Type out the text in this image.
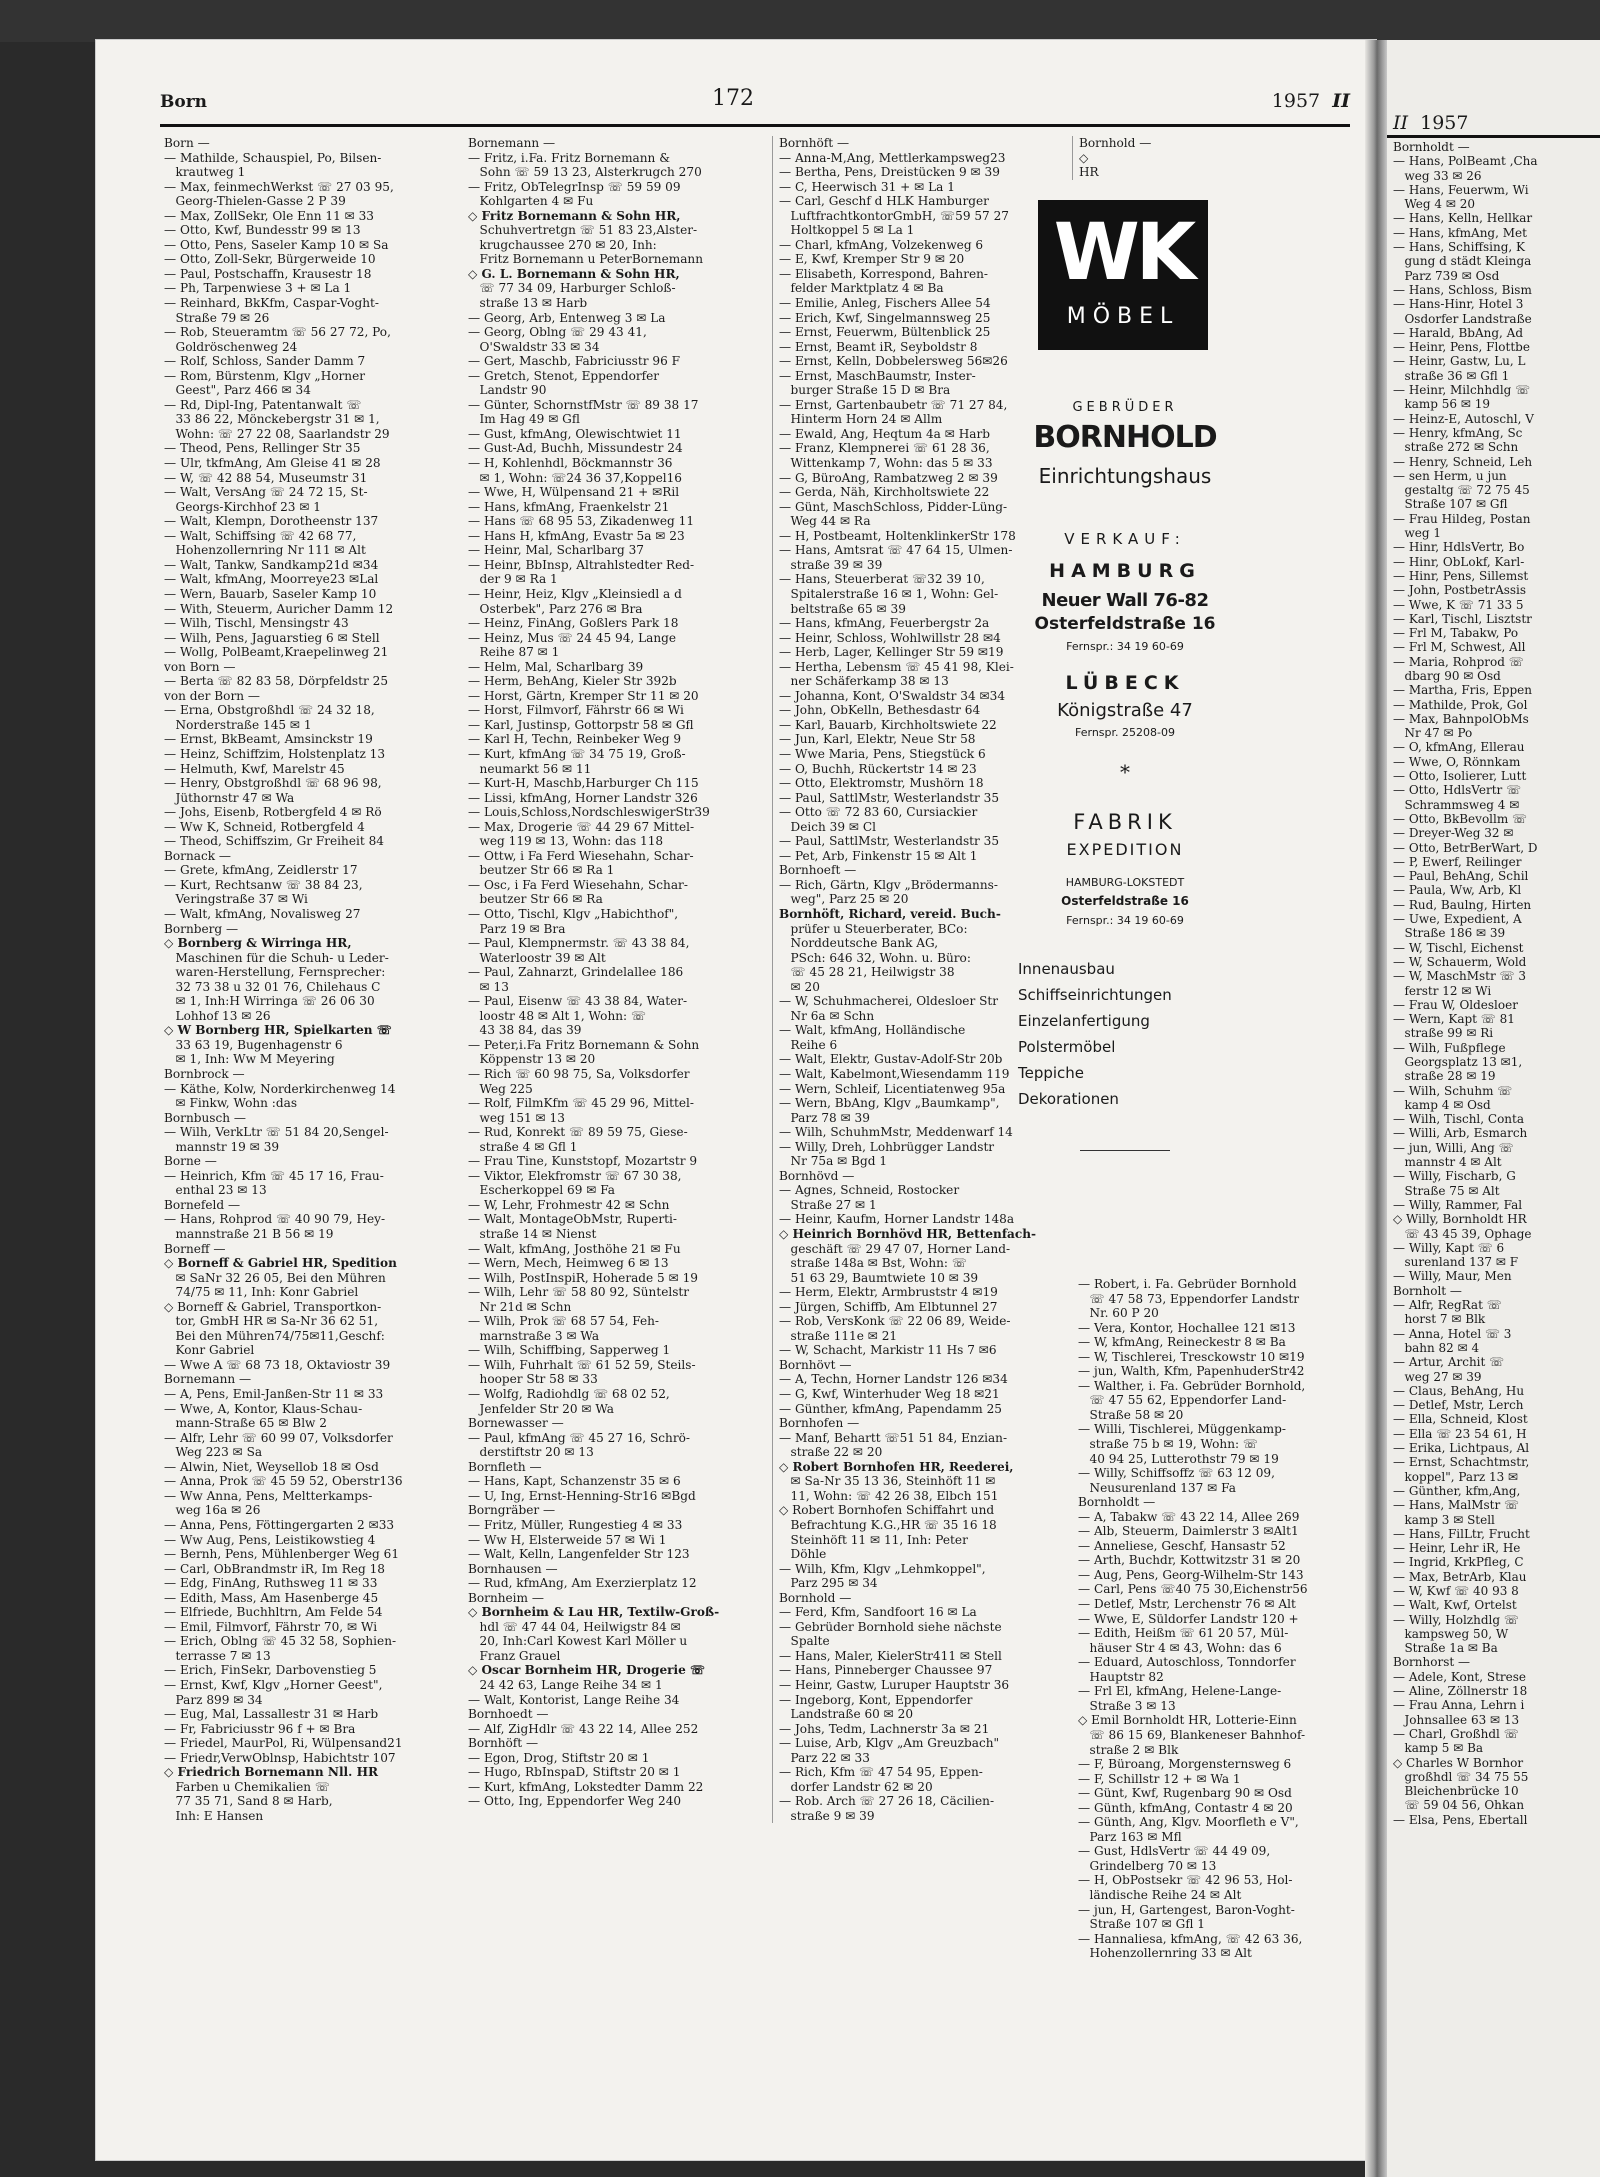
Born	172	1957 II
Born —
— Mathilde, Schauspiel, Po, Bilsen-
krautweg 1
— Max, feinmechWerkst ☏ 27 03 95,
Georg-Thielen-Gasse 2 P 39
— Max, ZollSekr, Ole Enn 11 ✉ 33
— Otto, Kwf, Bundesstr 99 ✉ 13
— Otto, Pens, Saseler Kamp 10 ✉ Sa
— Otto, Zoll-Sekr, Bürgerweide 10
— Paul, Postschaffn, Krausestr 18
— Ph, Tarpenwiese 3 + ✉ La 1
— Reinhard, BkKfm, Caspar-Voght-
Straße 79 ✉ 26
— Rob, Steueramtm ☏ 56 27 72, Po,
Goldröschenweg 24
— Rolf, Schloss, Sander Damm 7
— Rom, Bürstenm, Klgv „Horner
Geest", Parz 466 ✉ 34
— Rd, Dipl-Ing, Patentanwalt ☏
33 86 22, Mönckebergstr 31 ✉ 1,
Wohn: ☏ 27 22 08, Saarlandstr 29
— Theod, Pens, Rellinger Str 35
— Ulr, tkfmAng, Am Gleise 41 ✉ 28
— W, ☏ 42 88 54, Museumstr 31
— Walt, VersAng ☏ 24 72 15, St-
Georgs-Kirchhof 23 ✉ 1
— Walt, Klempn, Dorotheenstr 137
— Walt, Schiffsing ☏ 42 68 77,
Hohenzollernring Nr 111 ✉ Alt
— Walt, Tankw, Sandkamp21d ✉34
— Walt, kfmAng, Moorreye23 ✉Lal
— Wern, Bauarb, Saseler Kamp 10
— With, Steuerm, Auricher Damm 12
— Wilh, Tischl, Mensingstr 43
— Wilh, Pens, Jaguarstieg 6 ✉ Stell
— Wollg, PolBeamt,Kraepelinweg 21
von Born —
— Berta ☏ 82 83 58, Dörpfeldstr 25
von der Born —
— Erna, Obstgroßhdl ☏ 24 32 18,
Norderstraße 145 ✉ 1
— Ernst, BkBeamt, Amsinckstr 19
— Heinz, Schiffzim, Holstenplatz 13
— Helmuth, Kwf, Marelstr 45
— Henry, Obstgroßhdl ☏ 68 96 98,
Jüthornstr 47 ✉ Wa
— Johs, Eisenb, Rotbergfeld 4 ✉ Rö
— Ww K, Schneid, Rotbergfeld 4
— Theod, Schiffszim, Gr Freiheit 84
Bornack —
— Grete, kfmAng, Zeidlerstr 17
— Kurt, Rechtsanw ☏ 38 84 23,
Veringstraße 37 ✉ Wi
— Walt, kfmAng, Novalisweg 27
Bornberg —
◇ Bornberg & Wirringa HR,
Maschinen für die Schuh- u Leder-
waren-Herstellung, Fernsprecher:
32 73 38 u 32 01 76, Chilehaus C
✉ 1, Inh:H Wirringa ☏ 26 06 30
Lohhof 13 ✉ 26
◇ W Bornberg HR, Spielkarten ☏
33 63 19, Bugenhagenstr 6
✉ 1, Inh: Ww M Meyering
Bornbrock —
— Käthe, Kolw, Norderkirchenweg 14
✉ Finkw, Wohn :das
Bornbusch —
— Wilh, VerkLtr ☏ 51 84 20,Sengel-
mannstr 19 ✉ 39
Borne —
— Heinrich, Kfm ☏ 45 17 16, Frau-
enthal 23 ✉ 13
Bornefeld —
— Hans, Rohprod ☏ 40 90 79, Hey-
mannstraße 21 B 56 ✉ 19
Borneff —
◇ Borneff & Gabriel HR, Spedition
✉ SaNr 32 26 05, Bei den Mühren
74/75 ✉ 11, Inh: Konr Gabriel
◇ Borneff & Gabriel, Transportkon-
tor, GmbH HR ✉ Sa-Nr 36 62 51,
Bei den Mühren74/75✉11,Geschf:
Konr Gabriel
— Wwe A ☏ 68 73 18, Oktaviostr 39
Bornemann —
— A, Pens, Emil-Janßen-Str 11 ✉ 33
— Wwe, A, Kontor, Klaus-Schau-
mann-Straße 65 ✉ Blw 2
— Alfr, Lehr ☏ 60 99 07, Volksdorfer
Weg 223 ✉ Sa
— Alwin, Niet, Weysellob 18 ✉ Osd
— Anna, Prok ☏ 45 59 52, Oberstr136
— Ww Anna, Pens, Meltterkamps-
weg 16a ✉ 26
— Anna, Pens, Föttingergarten 2 ✉33
— Ww Aug, Pens, Leistikowstieg 4
— Bernh, Pens, Mühlenberger Weg 61
— Carl, ObBrandmstr iR, Im Reg 18
— Edg, FinAng, Ruthsweg 11 ✉ 33
— Edith, Mass, Am Hasenberge 45
— Elfriede, Buchhltrn, Am Felde 54
— Emil, Filmvorf, Fährstr 70, ✉ Wi
— Erich, Oblng ☏ 45 32 58, Sophien-
terrasse 7 ✉ 13
— Erich, FinSekr, Darbovenstieg 5
— Ernst, Kwf, Klgv „Horner Geest",
Parz 899 ✉ 34
— Eug, Mal, Lassallestr 31 ✉ Harb
— Fr, Fabriciusstr 96 f + ✉ Bra
— Friedel, MaurPol, Ri, Wülpensand21
— Friedr,VerwOblnsp, Habichtstr 107
◇ Friedrich Bornemann Nll. HR
Farben u Chemikalien ☏
77 35 71, Sand 8 ✉ Harb,
Inh: E Hansen
Bornemann —
— Fritz, i.Fa. Fritz Bornemann &
Sohn ☏ 59 13 23, Alsterkrugch 270
— Fritz, ObTelegrInsp ☏ 59 59 09
Kohlgarten 4 ✉ Fu
◇ Fritz Bornemann & Sohn HR,
Schuhvertretgn ☏ 51 83 23,Alster-
krugchaussee 270 ✉ 20, Inh:
Fritz Bornemann u PeterBornemann
◇ G. L. Bornemann & Sohn HR,
☏ 77 34 09, Harburger Schloß-
straße 13 ✉ Harb
— Georg, Arb, Entenweg 3 ✉ La
— Georg, Oblng ☏ 29 43 41,
O'Swaldstr 33 ✉ 34
— Gert, Maschb, Fabriciusstr 96 F
— Gretch, Stenot, Eppendorfer
Landstr 90
— Günter, SchornstfMstr ☏ 89 38 17
Im Hag 49 ✉ Gfl
— Gust, kfmAng, Olewischtwiet 11
— Gust-Ad, Buchh, Missundestr 24
— H, Kohlenhdl, Böckmannstr 36
✉ 1, Wohn: ☏24 36 37,Koppel16
— Wwe, H, Wülpensand 21 + ✉Ril
— Hans, kfmAng, Fraenkelstr 21
— Hans ☏ 68 95 53, Zikadenweg 11
— Hans H, kfmAng, Evastr 5a ✉ 23
— Heinr, Mal, Scharlbarg 37
— Heinr, BbInsp, Altrahlstedter Red-
der 9 ✉ Ra 1
— Heinr, Heiz, Klgv „Kleinsiedl a d
Osterbek", Parz 276 ✉ Bra
— Heinz, FinAng, Goßlers Park 18
— Heinz, Mus ☏ 24 45 94, Lange
Reihe 87 ✉ 1
— Helm, Mal, Scharlbarg 39
— Herm, BehAng, Kieler Str 392b
— Horst, Gärtn, Kremper Str 11 ✉ 20
— Horst, Filmvorf, Fährstr 66 ✉ Wi
— Karl, Justinsp, Gottorpstr 58 ✉ Gfl
— Karl H, Techn, Reinbeker Weg 9
— Kurt, kfmAng ☏ 34 75 19, Groß-
neumarkt 56 ✉ 11
— Kurt-H, Maschb,Harburger Ch 115
— Lissi, kfmAng, Horner Landstr 326
— Louis,Schloss,NordschleswigerStr39
— Max, Drogerie ☏ 44 29 67 Mittel-
weg 119 ✉ 13, Wohn: das 118
— Ottw, i Fa Ferd Wiesehahn, Schar-
beutzer Str 66 ✉ Ra 1
— Osc, i Fa Ferd Wiesehahn, Schar-
beutzer Str 66 ✉ Ra
— Otto, Tischl, Klgv „Habichthof",
Parz 19 ✉ Bra
— Paul, Klempnermstr. ☏ 43 38 84,
Waterloostr 39 ✉ Alt
— Paul, Zahnarzt, Grindelallee 186
✉ 13
— Paul, Eisenw ☏ 43 38 84, Water-
loostr 48 ✉ Alt 1, Wohn: ☏
43 38 84, das 39
— Peter,i.Fa Fritz Bornemann & Sohn
Köppenstr 13 ✉ 20
— Rich ☏ 60 98 75, Sa, Volksdorfer
Weg 225
— Rolf, FilmKfm ☏ 45 29 96, Mittel-
weg 151 ✉ 13
— Rud, Konrekt ☏ 89 59 75, Giese-
straße 4 ✉ Gfl 1
— Frau Tine, Kunststopf, Mozartstr 9
— Viktor, Elekfromstr ☏ 67 30 38,
Escherkoppel 69 ✉ Fa
— W, Lehr, Frohmestr 42 ✉ Schn
— Walt, MontageObMstr, Ruperti-
straße 14 ✉ Nienst
— Walt, kfmAng, Josthöhe 21 ✉ Fu
— Wern, Mech, Heimweg 6 ✉ 13
— Wilh, PostInspiR, Hoherade 5 ✉ 19
— Wilh, Lehr ☏ 58 80 92, Süntelstr
Nr 21d ✉ Schn
— Wilh, Prok ☏ 68 57 54, Feh-
marnstraße 3 ✉ Wa
— Wilh, Schiffbing, Sapperweg 1
— Wilh, Fuhrhalt ☏ 61 52 59, Steils-
hooper Str 58 ✉ 33
— Wolfg, Radiohdlg ☏ 68 02 52,
Jenfelder Str 20 ✉ Wa
Bornewasser —
— Paul, kfmAng ☏ 45 27 16, Schrö-
derstiftstr 20 ✉ 13
Bornfleth —
— Hans, Kapt, Schanzenstr 35 ✉ 6
— U, Ing, Ernst-Henning-Str16 ✉Bgd
Borngräber —
— Fritz, Müller, Rungestieg 4 ✉ 33
— Ww H, Elsterweide 57 ✉ Wi 1
— Walt, Kelln, Langenfelder Str 123
Bornhausen —
— Rud, kfmAng, Am Exerzierplatz 12
Bornheim —
◇ Bornheim & Lau HR, Textilw-Groß-
hdl ☏ 47 44 04, Heilwigstr 84 ✉
20, Inh:Carl Kowest Karl Möller u
Franz Grauel
◇ Oscar Bornheim HR, Drogerie ☏
24 42 63, Lange Reihe 34 ✉ 1
— Walt, Kontorist, Lange Reihe 34
Bornhoedt —
— Alf, ZigHdlr ☏ 43 22 14, Allee 252
Bornhöft —
— Egon, Drog, Stiftstr 20 ✉ 1
— Hugo, RbInspaD, Stiftstr 20 ✉ 1
— Kurt, kfmAng, Lokstedter Damm 22
— Otto, Ing, Eppendorfer Weg 240
Bornhöft —
— Anna-M,Ang, Mettlerkampsweg23
— Bertha, Pens, Dreistücken 9 ✉ 39
— C, Heerwisch 31 + ✉ La 1
— Carl, Geschf d HLK Hamburger
LuftfrachtkontorGmbH, ☏59 57 27
Holtkoppel 5 ✉ La 1
— Charl, kfmAng, Volzekenweg 6
— E, Kwf, Kremper Str 9 ✉ 20
— Elisabeth, Korrespond, Bahren-
felder Marktplatz 4 ✉ Ba
— Emilie, Anleg, Fischers Allee 54
— Erich, Kwf, Singelmannsweg 25
— Ernst, Feuerwm, Bültenblick 25
— Ernst, Beamt iR, Seyboldstr 8
— Ernst, Kelln, Dobbelersweg 56✉26
— Ernst, MaschBaumstr, Inster-
burger Straße 15 D ✉ Bra
— Ernst, Gartenbaubetr ☏ 71 27 84,
Hinterm Horn 24 ✉ Allm
— Ewald, Ang, Heqtum 4a ✉ Harb
— Franz, Klempnerei ☏ 61 28 36,
Wittenkamp 7, Wohn: das 5 ✉ 33
— G, BüroAng, Rambatzweg 2 ✉ 39
— Gerda, Näh, Kirchholtswiete 22
— Günt, MaschSchloss, Pidder-Lüng-
Weg 44 ✉ Ra
— H, Postbeamt, HoltenklinkerStr 178
— Hans, Amtsrat ☏ 47 64 15, Ulmen-
straße 39 ✉ 39
— Hans, Steuerberat ☏32 39 10,
Spitalerstraße 16 ✉ 1, Wohn: Gel-
beltstraße 65 ✉ 39
— Hans, kfmAng, Feuerbergstr 2a
— Heinr, Schloss, Wohlwillstr 28 ✉4
— Herb, Lager, Kellinger Str 59 ✉19
— Hertha, Lebensm ☏ 45 41 98, Klei-
ner Schäferkamp 38 ✉ 13
— Johanna, Kont, O'Swaldstr 34 ✉34
— John, ObKelln, Bethesdastr 64
— Karl, Bauarb, Kirchholtswiete 22
— Jun, Karl, Elektr, Neue Str 58
— Wwe Maria, Pens, Stiegstück 6
— O, Buchh, Rückertstr 14 ✉ 23
— Otto, Elektromstr, Mushörn 18
— Paul, SattlMstr, Westerlandstr 35
— Otto ☏ 72 83 60, Cursiackier
Deich 39 ✉ Cl
— Paul, SattlMstr, Westerlandstr 35
— Pet, Arb, Finkenstr 15 ✉ Alt 1
Bornhoeft —
— Rich, Gärtn, Klgv „Brödermanns-
weg", Parz 25 ✉ 20
Bornhöft, Richard, vereid. Buch-
prüfer u Steuerberater, BCo:
Norddeutsche Bank AG,
PSch: 646 32, Wohn. u. Büro:
☏ 45 28 21, Heilwigstr 38
✉ 20
— W, Schuhmacherei, Oldesloer Str
Nr 6a ✉ Schn
— Walt, kfmAng, Holländische
Reihe 6
— Walt, Elektr, Gustav-Adolf-Str 20b
— Walt, Kabelmont,Wiesendamm 119
— Wern, Schleif, Licentiatenweg 95a
— Wern, BbAng, Klgv „Baumkamp",
Parz 78 ✉ 39
— Wilh, SchuhmMstr, Meddenwarf 14
— Willy, Dreh, Lohbrügger Landstr
Nr 75a ✉ Bgd 1
Bornhövd —
— Agnes, Schneid, Rostocker
Straße 27 ✉ 1
— Heinr, Kaufm, Horner Landstr 148a
◇ Heinrich Bornhövd HR, Bettenfach-
geschäft ☏ 29 47 07, Horner Land-
straße 148a ✉ Bst, Wohn: ☏
51 63 29, Baumtwiete 10 ✉ 39
— Herm, Elektr, Armbruststr 4 ✉19
— Jürgen, Schiffb, Am Elbtunnel 27
— Rob, VersKonk ☏ 22 06 89, Weide-
straße 111e ✉ 21
— W, Schacht, Markistr 11 Hs 7 ✉6
Bornhövt —
— A, Techn, Horner Landstr 126 ✉34
— G, Kwf, Winterhuder Weg 18 ✉21
— Günther, kfmAng, Papendamm 25
Bornhofen —
— Manf, Behartt ☏51 51 84, Enzian-
straße 22 ✉ 20
◇ Robert Bornhofen HR, Reederei,
✉ Sa-Nr 35 13 36, Steinhöft 11 ✉
11, Wohn: ☏ 42 26 38, Elbch 151
◇ Robert Bornhofen Schiffahrt und
Befrachtung K.G.,HR ☏ 35 16 18
Steinhöft 11 ✉ 11, Inh: Peter
Döhle
— Wilh, Kfm, Klgv „Lehmkoppel",
Parz 295 ✉ 34
Bornhold —
— Ferd, Kfm, Sandfoort 16 ✉ La
— Gebrüder Bornhold siehe nächste
Spalte
— Hans, Maler, KielerStr411 ✉ Stell
— Hans, Pinneberger Chaussee 97
— Heinr, Gastw, Luruper Hauptstr 36
— Ingeborg, Kont, Eppendorfer
Landstraße 60 ✉ 20
— Johs, Tedm, Lachnerstr 3a ✉ 21
— Luise, Arb, Klgv „Am Greuzbach"
Parz 22 ✉ 33
— Rich, Kfm ☏ 47 54 95, Eppen-
dorfer Landstr 62 ✉ 20
— Rob. Arch ☏ 27 26 18, Cäcilien-
straße 9 ✉ 39
Bornhold —
◇
HR
WK
MÖBEL
GEBRÜDER
BORNHOLD
Einrichtungshaus
VERKAUF:
HAMBURG
Neuer Wall 76-82
Osterfeldstraße 16
Fernspr.: 34 19 60-69
LÜBECK
Königstraße 47
Fernspr. 25208-09
*
FABRIK
EXPEDITION
HAMBURG-LOKSTEDT
Osterfeldstraße 16
Fernspr.: 34 19 60-69
Innenausbau
Schiffseinrichtungen
Einzelanfertigung
Polstermöbel
Teppiche
Dekorationen
— Robert, i. Fa. Gebrüder Bornhold
☏ 47 58 73, Eppendorfer Landstr
Nr. 60 P 20
— Vera, Kontor, Hochallee 121 ✉13
— W, kfmAng, Reineckestr 8 ✉ Ba
— W, Tischlerei, Tresckowstr 10 ✉19
— jun, Walth, Kfm, PapenhuderStr42
— Walther, i. Fa. Gebrüder Bornhold,
☏ 47 55 62, Eppendorfer Land-
Straße 58 ✉ 20
— Willi, Tischlerei, Müggenkamp-
straße 75 b ✉ 19, Wohn: ☏
40 94 25, Lutterothstr 79 ✉ 19
— Willy, Schiffsoffz ☏ 63 12 09,
Neusurenland 137 ✉ Fa
Bornholdt —
— A, Tabakw ☏ 43 22 14, Allee 269
— Alb, Steuerm, Daimlerstr 3 ✉Alt1
— Anneliese, Geschf, Hansastr 52
— Arth, Buchdr, Kottwitzstr 31 ✉ 20
— Aug, Pens, Georg-Wilhelm-Str 143
— Carl, Pens ☏40 75 30,Eichenstr56
— Detlef, Mstr, Lerchenstr 76 ✉ Alt
— Wwe, E, Süldorfer Landstr 120 +
— Edith, Heißm ☏ 61 20 57, Mül-
häuser Str 4 ✉ 43, Wohn: das 6
— Eduard, Autoschloss, Tonndorfer
Hauptstr 82
— Frl El, kfmAng, Helene-Lange-
Straße 3 ✉ 13
◇ Emil Bornholdt HR, Lotterie-Einn
☏ 86 15 69, Blankeneser Bahnhof-
straße 2 ✉ Blk
— F, Büroang, Morgensternsweg 6
— F, Schillstr 12 + ✉ Wa 1
— Günt, Kwf, Rugenbarg 90 ✉ Osd
— Günth, kfmAng, Contastr 4 ✉ 20
— Günth, Ang, Klgv. Moorfleth e V",
Parz 163 ✉ Mfl
— Gust, HdlsVertr ☏ 44 49 09,
Grindelberg 70 ✉ 13
— H, ObPostsekr ☏ 42 96 53, Hol-
ländische Reihe 24 ✉ Alt
— jun, H, Gartengest, Baron-Voght-
Straße 107 ✉ Gfl 1
— Hannaliesa, kfmAng, ☏ 42 63 36,
Hohenzollernring 33 ✉ Alt
II 1957
Bornholdt —
— Hans, PolBeamt ,Cha
weg 33 ✉ 26
— Hans, Feuerwm, Wi
Weg 4 ✉ 20
— Hans, Kelln, Hellkar
— Hans, kfmAng, Met
— Hans, Schiffsing, K
gung d städt Kleinga
Parz 739 ✉ Osd
— Hans, Schloss, Bism
— Hans-Hinr, Hotel 3
Osdorfer Landstraße
— Harald, BbAng, Ad
— Heinr, Pens, Flottbe
— Heinr, Gastw, Lu, L
straße 36 ✉ Gfl 1
— Heinr, Milchhdlg ☏
kamp 56 ✉ 19
— Heinz-E, Autoschl, V
— Henry, kfmAng, Sc
straße 272 ✉ Schn
— Henry, Schneid, Leh
— sen Herm, u jun
gestaltg ☏ 72 75 45
Straße 107 ✉ Gfl
— Frau Hildeg, Postan
weg 1
— Hinr, HdlsVertr, Bo
— Hinr, ObLokf, Karl-
— Hinr, Pens, Sillemst
— John, PostbetrAssis
— Wwe, K ☏ 71 33 5
— Karl, Tischl, Lisztstr
— Frl M, Tabakw, Po
— Frl M, Schwest, All
— Maria, Rohprod ☏
dbarg 90 ✉ Osd
— Martha, Fris, Eppen
— Mathilde, Prok, Gol
— Max, BahnpolObMs
Nr 47 ✉ Po
— O, kfmAng, Ellerau
— Wwe, O, Rönnkam
— Otto, Isolierer, Lutt
— Otto, HdlsVertr ☏
Schrammsweg 4 ✉
— Otto, BkBevollm ☏
— Dreyer-Weg 32 ✉
— Otto, BetrBerWart, D
— P, Ewerf, Reilinger
— Paul, BehAng, Schil
— Paula, Ww, Arb, Kl
— Rud, Baulng, Hirten
— Uwe, Expedient, A
Straße 186 ✉ 39
— W, Tischl, Eichenst
— W, Schauerm, Wold
— W, MaschMstr ☏ 3
ferstr 12 ✉ Wi
— Frau W, Oldesloer
— Wern, Kapt ☏ 81
straße 99 ✉ Ri
— Wilh, Fußpflege
Georgsplatz 13 ✉1,
straße 28 ✉ 19
— Wilh, Schuhm ☏
kamp 4 ✉ Osd
— Wilh, Tischl, Conta
— Willi, Arb, Esmarch
— jun, Willi, Ang ☏
mannstr 4 ✉ Alt
— Willy, Fischarb, G
Straße 75 ✉ Alt
— Willy, Rammer, Fal
◇ Willy, Bornholdt HR
☏ 43 45 39, Ophage
— Willy, Kapt ☏ 6
surenland 137 ✉ F
— Willy, Maur, Men
Bornholt —
— Alfr, RegRat ☏
horst 7 ✉ Blk
— Anna, Hotel ☏ 3
bahn 82 ✉ 4
— Artur, Archit ☏
weg 27 ✉ 39
— Claus, BehAng, Hu
— Detlef, Mstr, Lerch
— Ella, Schneid, Klost
— Ella ☏ 23 54 61, H
— Erika, Lichtpaus, Al
— Ernst, Schachtmstr,
koppel", Parz 13 ✉
— Günther, kfm,Ang,
— Hans, MalMstr ☏
kamp 3 ✉ Stell
— Hans, FilLtr, Frucht
— Heinr, Lehr iR, He
— Ingrid, KrkPfleg, C
— Max, BetrArb, Klau
— W, Kwf ☏ 40 93 8
— Walt, Kwf, Ortelst
— Willy, Holzhdlg ☏
kampsweg 50, W
Straße 1a ✉ Ba
Bornhorst —
— Adele, Kont, Strese
— Aline, Zöllnerstr 18
— Frau Anna, Lehrn i
Johnsallee 63 ✉ 13
— Charl, Großhdl ☏
kamp 5 ✉ Ba
◇ Charles W Bornhor
großhdl ☏ 34 75 55
Bleichenbrücke 10
☏ 59 04 56, Ohkan
— Elsa, Pens, Ebertall
